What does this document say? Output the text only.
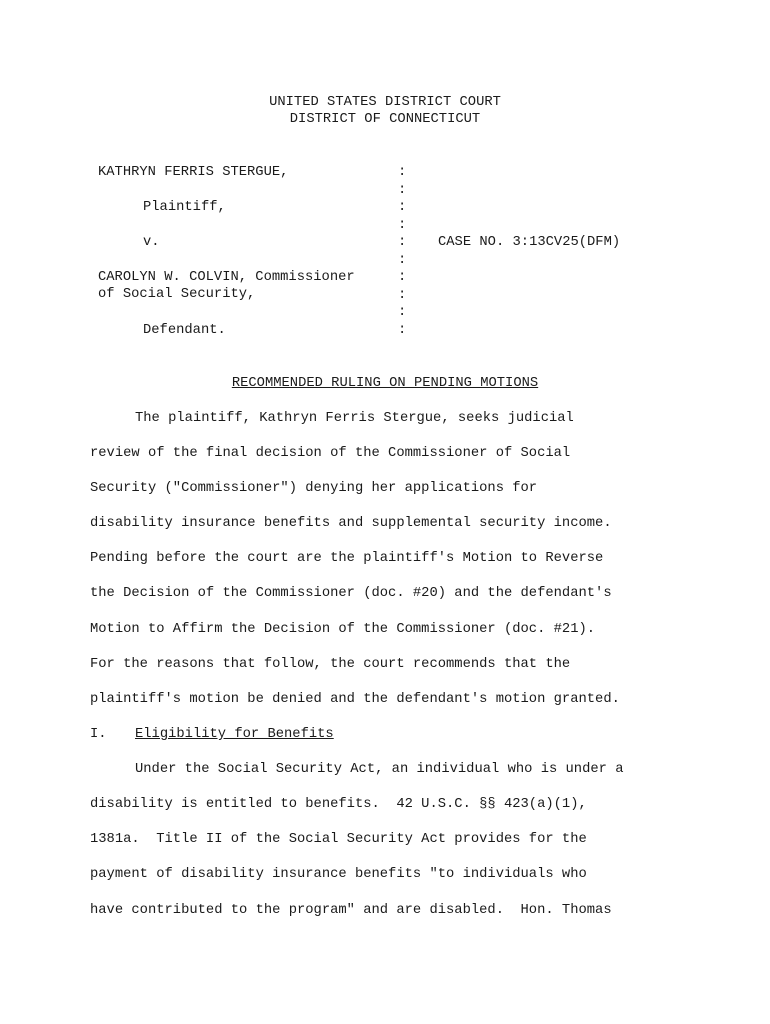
UNITED STATES DISTRICT COURT
DISTRICT OF CONNECTICUT
KATHRYN FERRIS STERGUE,
Plaintiff,
v.
CAROLYN W. COLVIN, Commissioner
of Social Security,
Defendant.
:
:
:
:
:
:
:
:
:
:
CASE NO. 3:13CV25(DFM)
RECOMMENDED RULING ON PENDING MOTIONS
The plaintiff, Kathryn Ferris Stergue, seeks judicial
review of the final decision of the Commissioner of Social
Security ("Commissioner") denying her applications for
disability insurance benefits and supplemental security income.
Pending before the court are the plaintiff's Motion to Reverse
the Decision of the Commissioner (doc. #20) and the defendant's
Motion to Affirm the Decision of the Commissioner (doc. #21).
For the reasons that follow, the court recommends that the
plaintiff's motion be denied and the defendant's motion granted.
I. Eligibility for Benefits
Under the Social Security Act, an individual who is under a
disability is entitled to benefits.  42 U.S.C. §§ 423(a)(1),
1381a.  Title II of the Social Security Act provides for the
payment of disability insurance benefits "to individuals who
have contributed to the program" and are disabled.  Hon. Thomas
